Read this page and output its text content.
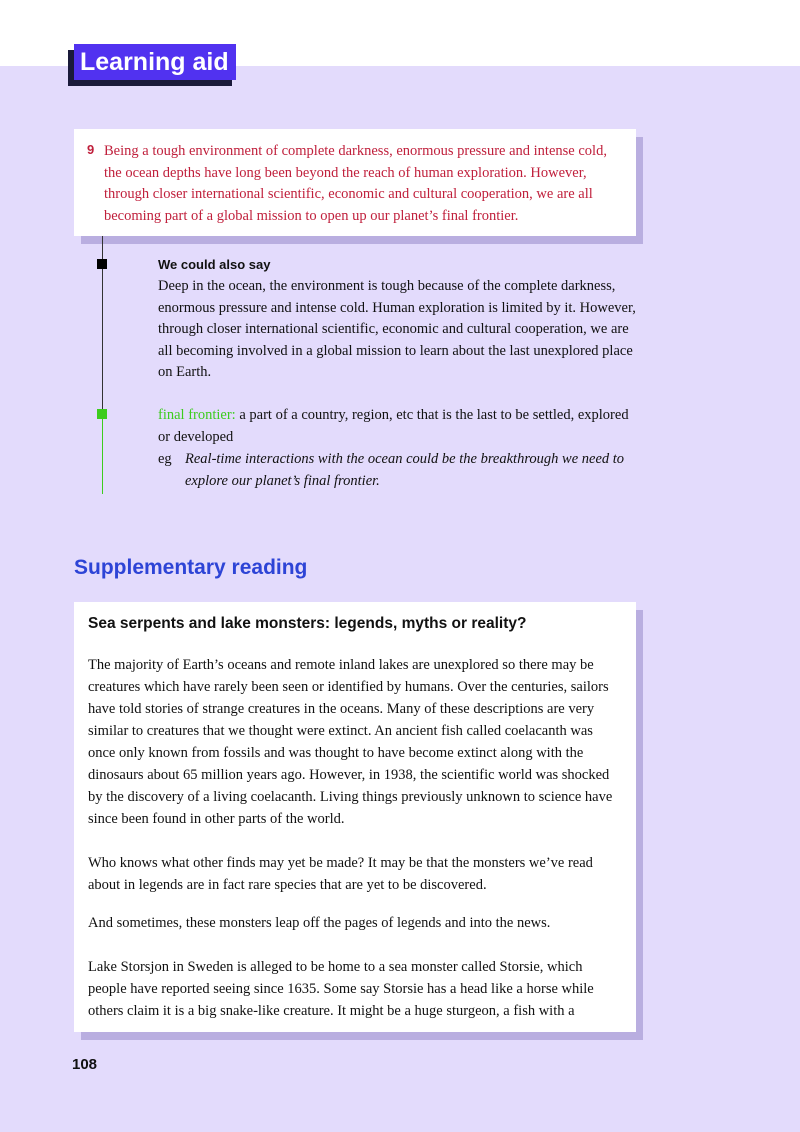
Learning aid
9 Being a tough environment of complete darkness, enormous pressure and intense cold, the ocean depths have long been beyond the reach of human exploration. However, through closer international scientific, economic and cultural cooperation, we are all becoming part of a global mission to open up our planet’s final frontier.
We could also say
Deep in the ocean, the environment is tough because of the complete darkness, enormous pressure and intense cold. Human exploration is limited by it. However, through closer international scientific, economic and cultural cooperation, we are all becoming involved in a global mission to learn about the last unexplored place on Earth.
final frontier: a part of a country, region, etc that is the last to be settled, explored or developed
eg Real-time interactions with the ocean could be the breakthrough we need to explore our planet’s final frontier.
Supplementary reading
Sea serpents and lake monsters: legends, myths or reality?

The majority of Earth’s oceans and remote inland lakes are unexplored so there may be creatures which have rarely been seen or identified by humans. Over the centuries, sailors have told stories of strange creatures in the oceans. Many of these descriptions are very similar to creatures that we thought were extinct. An ancient fish called coelacanth was once only known from fossils and was thought to have become extinct along with the dinosaurs about 65 million years ago. However, in 1938, the scientific world was shocked by the discovery of a living coelacanth. Living things previously unknown to science have since been found in other parts of the world.

Who knows what other finds may yet be made? It may be that the monsters we’ve read about in legends are in fact rare species that are yet to be discovered.

And sometimes, these monsters leap off the pages of legends and into the news.

Lake Storsjon in Sweden is alleged to be home to a sea monster called Storsie, which people have reported seeing since 1635. Some say Storsie has a head like a horse while others claim it is a big snake-like creature. It might be a huge sturgeon, a fish with a

108
